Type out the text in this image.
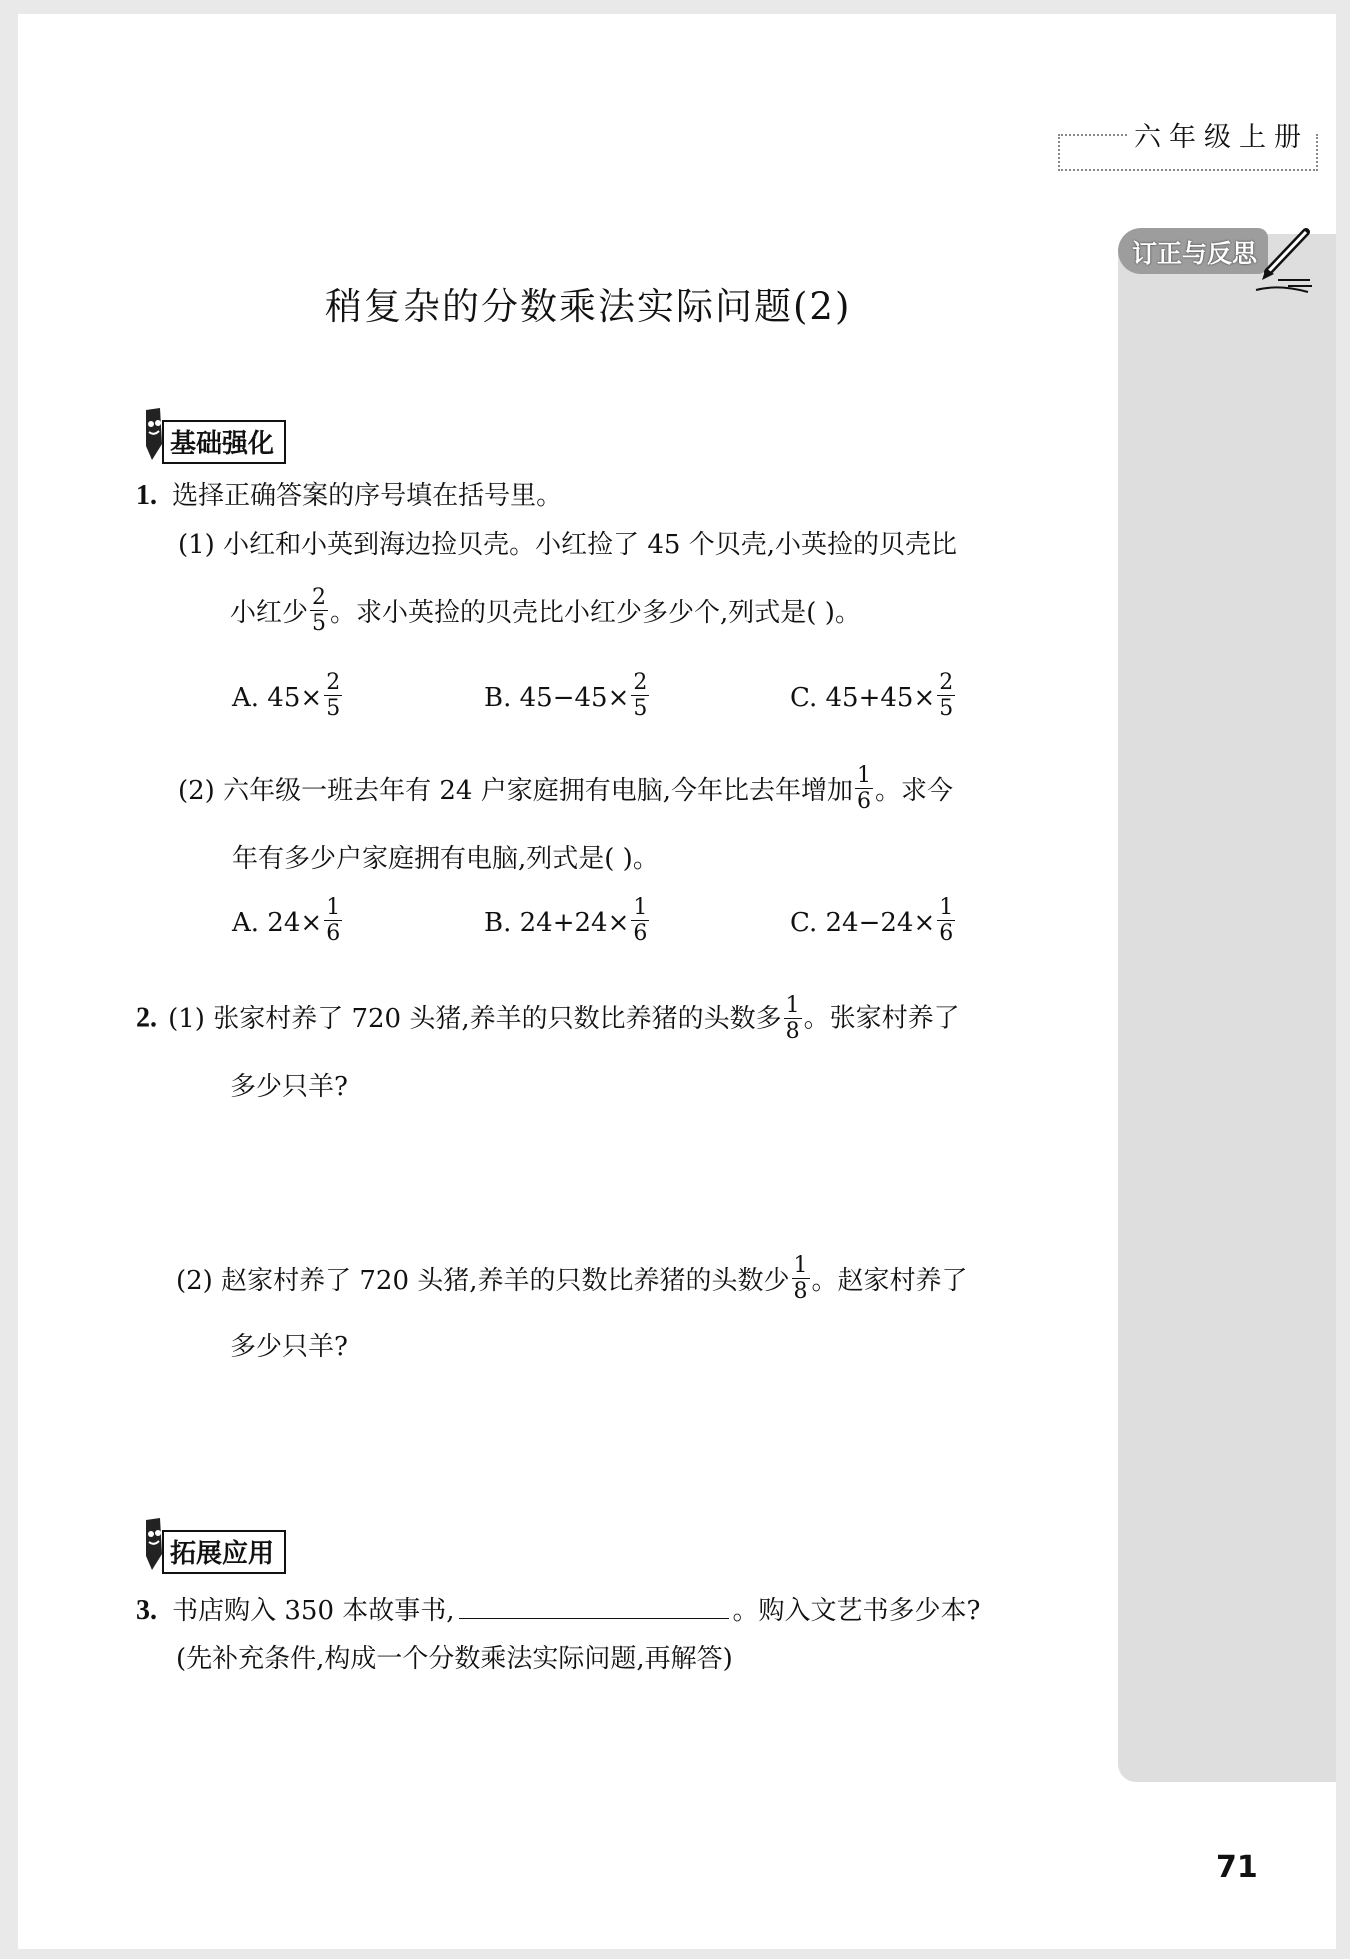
六年级上册
订正与反思
稍复杂的分数乘法实际问题(2)
基础强化
1. 选择正确答案的序号填在括号里。
(1) 小红和小英到海边捡贝壳。小红捡了 45 个贝壳,小英捡的贝壳比
小红少 $\frac{2}{5}$ 。求小英捡的贝壳比小红少多少个,列式是( )。
A. $45\times \frac{2}{5}$	B. $45-45\times \frac{2}{5}$	C. $45+45\times \frac{2}{5}$
(2) 六年级一班去年有 24 户家庭拥有电脑,今年比去年增加 $\frac{1}{6}$ 。求今
年有多少户家庭拥有电脑,列式是( )。
A. $24\times \frac{1}{6}$	B. $24+24\times \frac{1}{6}$	C. $24-24\times \frac{1}{6}$
2. (1) 张家村养了 720 头猪,养羊的只数比养猪的头数多 $\frac{1}{8}$ 。张家村养了
多少只羊?
(2) 赵家村养了 720 头猪,养羊的只数比养猪的头数少 $\frac{1}{8}$ 。赵家村养了
多少只羊?
拓展应用
3. 书店购入 350 本故事书,	。购入文艺书多少本?
(先补充条件,构成一个分数乘法实际问题,再解答)
71
